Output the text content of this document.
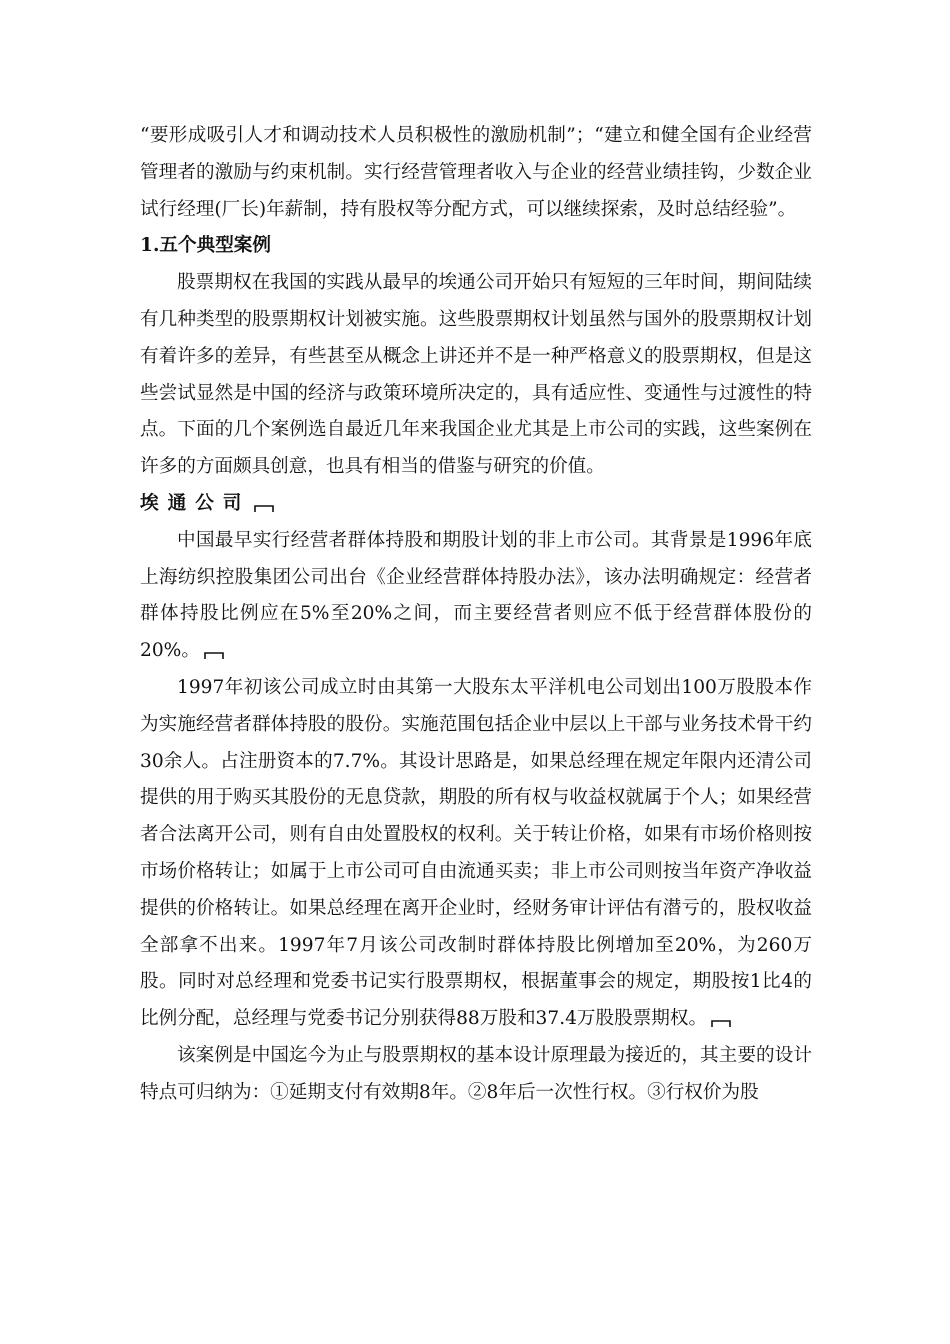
“要形成吸引人才和调动技术人员积极性的激励机制”；“建立和健全国有企业经营管理者的激励与约束机制。实行经营管理者收入与企业的经营业绩挂钩，少数企业试行经理(厂长)年薪制，持有股权等分配方式，可以继续探索，及时总结经验”。

1.五个典型案例

股票期权在我国的实践从最早的埃通公司开始只有短短的三年时间，期间陆续有几种类型的股票期权计划被实施。这些股票期权计划虽然与国外的股票期权计划有着许多的差异，有些甚至从概念上讲还并不是一种严格意义的股票期权，但是这些尝试显然是中国的经济与政策环境所决定的，具有适应性、变通性与过渡性的特点。下面的几个案例选自最近几年来我国企业尤其是上市公司的实践，这些案例在许多的方面颇具创意，也具有相当的借鉴与研究的价值。

埃通公司

中国最早实行经营者群体持股和期股计划的非上市公司。其背景是1996年底上海纺织控股集团公司出台《企业经营群体持股办法》，该办法明确规定：经营者群体持股比例应在5%至20%之间，而主要经营者则应不低于经营群体股份的20%。

1997年初该公司成立时由其第一大股东太平洋机电公司划出100万股股本作为实施经营者群体持股的股份。实施范围包括企业中层以上干部与业务技术骨干约30余人。占注册资本的7.7%。其设计思路是，如果总经理在规定年限内还清公司提供的用于购买其股份的无息贷款，期股的所有权与收益权就属于个人；如果经营者合法离开公司，则有自由处置股权的权利。关于转让价格，如果有市场价格则按市场价格转让；如属于上市公司可自由流通买卖；非上市公司则按当年资产净收益提供的价格转让。如果总经理在离开企业时，经财务审计评估有潜亏的，股权收益全部拿不出来。1997年7月该公司改制时群体持股比例增加至20%，为260万股。同时对总经理和党委书记实行股票期权，根据董事会的规定，期股按1比4的比例分配，总经理与党委书记分别获得88万股和37.4万股股票期权。

该案例是中国迄今为止与股票期权的基本设计原理最为接近的，其主要的设计特点可归纳为：①延期支付有效期8年。②8年后一次性行权。③行权价为股
